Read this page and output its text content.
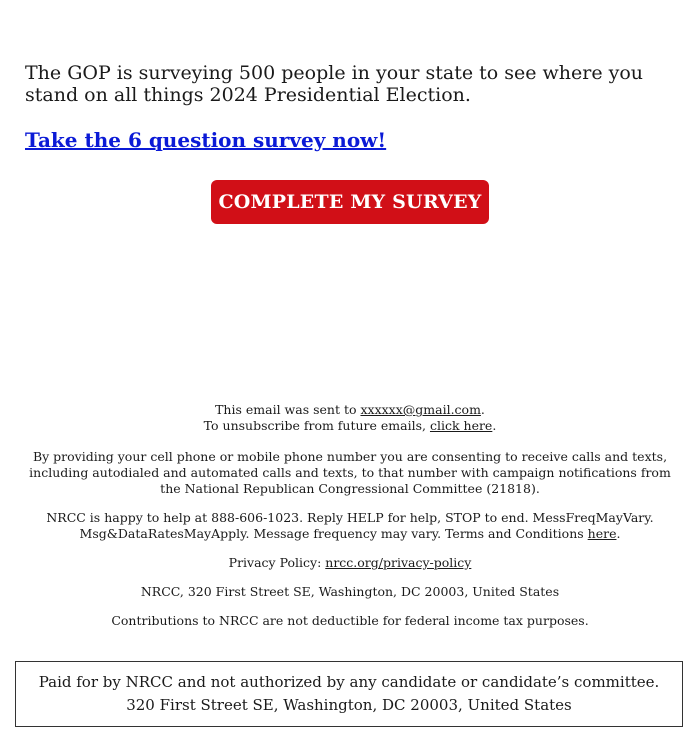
The GOP is surveying 500 people in your state to see where you stand on all things 2024 Presidential Election.

Take the 6 question survey now!
COMPLETE MY SURVEY

This email was sent to xxxxxx@gmail.com.

To unsubscribe from future emails, click here.

By providing your cell phone or mobile phone number you are consenting to receive calls and texts, including autodialed and automated calls and texts, to that number with campaign notifications from the National Republican Congressional Committee (21818).

NRCC is happy to help at 888-606-1023. Reply HELP for help, STOP to end. MessFreqMayVary. Msg&DataRatesMayApply. Message frequency may vary. Terms and Conditions here.

Privacy Policy: nrcc.org/privacy-policy

NRCC, 320 First Street SE, Washington, DC 20003, United States

Contributions to NRCC are not deductible for federal income tax purposes.

Paid for by NRCC and not authorized by any candidate or candidate’s committee. 320 First Street SE, Washington, DC 20003, United States
